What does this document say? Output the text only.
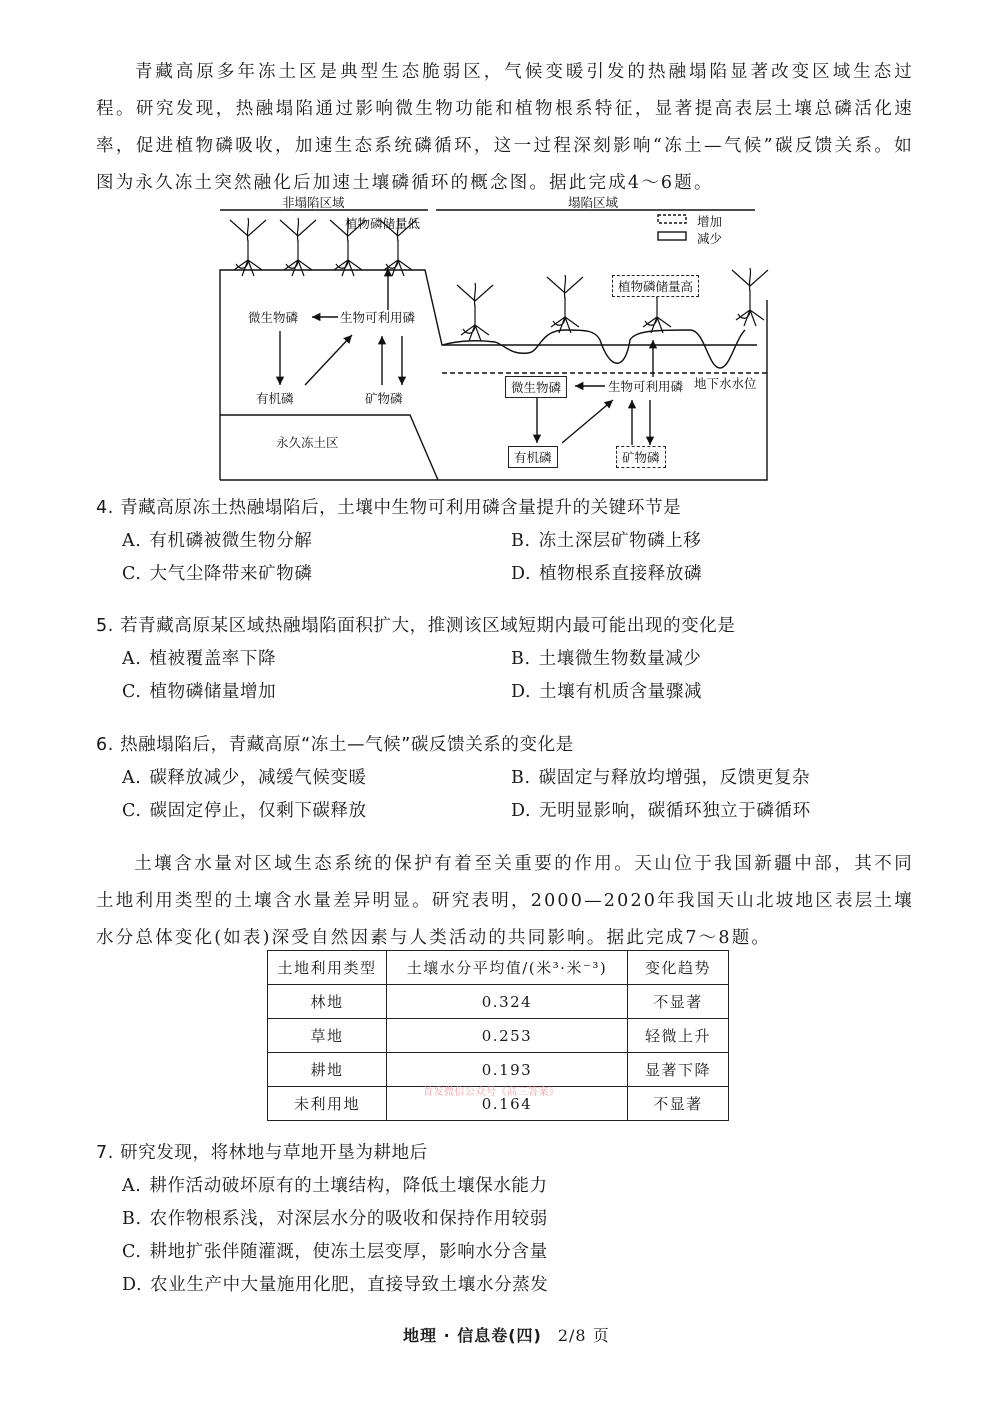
青藏高原多年冻土区是典型生态脆弱区，气候变暖引发的热融塌陷显著改变区域生态过程。研究发现，热融塌陷通过影响微生物功能和植物根系特征，显著提高表层土壤总磷活化速率，促进植物磷吸收，加速生态系统磷循环，这一过程深刻影响“冻土—气候”碳反馈关系。如图为永久冻土突然融化后加速土壤磷循环的概念图。据此完成4～6题。
非塌陷区域	塌陷区域
增加
减少
植物磷储量低
微生物磷	生物可利用磷
有机磷	矿物磷
永久冻土区
植物磷储量高
微生物磷	生物可利用磷 地下水水位
有机磷	矿物磷
4. 青藏高原冻土热融塌陷后，土壤中生物可利用磷含量提升的关键环节是
A. 有机磷被微生物分解	B. 冻土深层矿物磷上移
C. 大气尘降带来矿物磷	D. 植物根系直接释放磷
5. 若青藏高原某区域热融塌陷面积扩大，推测该区域短期内最可能出现的变化是
A. 植被覆盖率下降	B. 土壤微生物数量减少
C. 植物磷储量增加	D. 土壤有机质含量骤减
6. 热融塌陷后，青藏高原“冻土—气候”碳反馈关系的变化是
A. 碳释放减少，减缓气候变暖	B. 碳固定与释放均增强，反馈更复杂
C. 碳固定停止，仅剩下碳释放	D. 无明显影响，碳循环独立于磷循环
土壤含水量对区域生态系统的保护有着至关重要的作用。天山位于我国新疆中部，其不同土地利用类型的土壤含水量差异明显。研究表明，2000—2020年我国天山北坡地区表层土壤水分总体变化(如表)深受自然因素与人类活动的共同影响。据此完成7～8题。
土地利用类型	土壤水分平均值/(米³·米⁻³)	变化趋势
林地	0.324	不显著
草地	0.253	轻微上升
耕地	0.193	显著下降
未利用地	0.164	不显著
首发微信公众号《高三答案》
7. 研究发现，将林地与草地开垦为耕地后
A. 耕作活动破坏原有的土壤结构，降低土壤保水能力
B. 农作物根系浅，对深层水分的吸收和保持作用较弱
C. 耕地扩张伴随灌溉，使冻土层变厚，影响水分含量
D. 农业生产中大量施用化肥，直接导致土壤水分蒸发
地理 · 信息卷(四) 2/8 页
